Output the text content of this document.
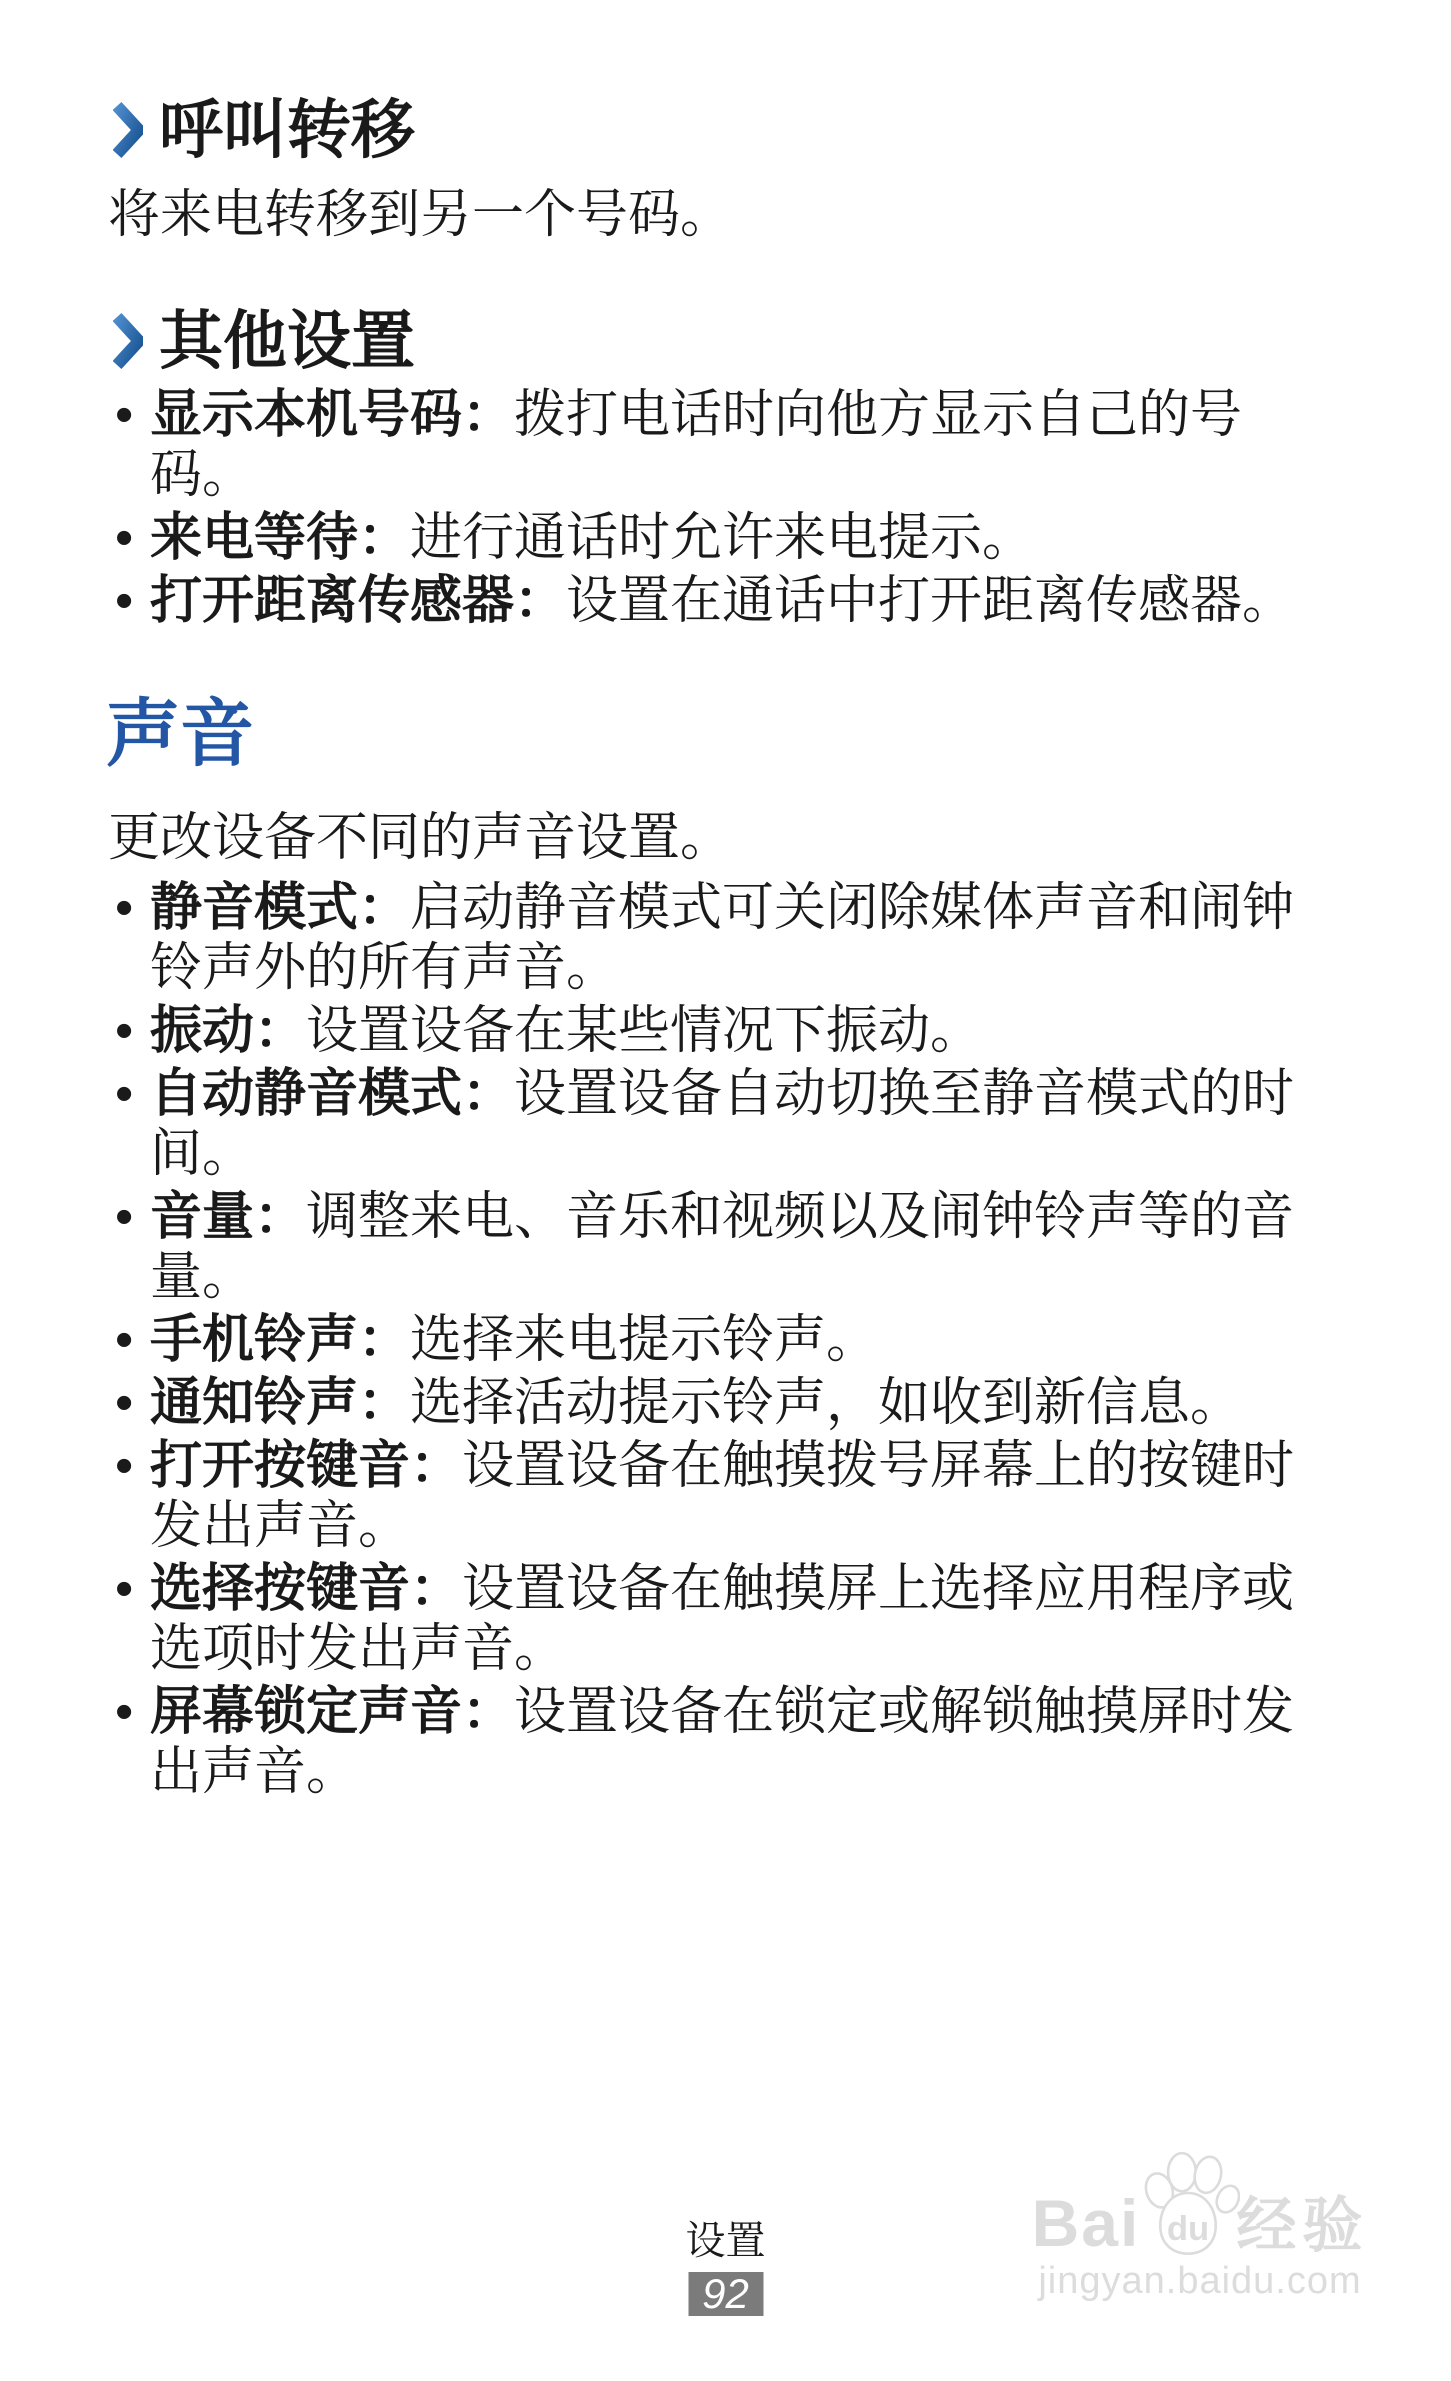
呼叫转移
将来电转移到另一个号码。
其他设置
• 显示本机号码：拨打电话时向他方显示自己的号
码。
• 来电等待：进行通话时允许来电提示。
• 打开距离传感器：设置在通话中打开距离传感器。
声音
更改设备不同的声音设置。
• 静音模式：启动静音模式可关闭除媒体声音和闹钟
铃声外的所有声音。
• 振动：设置设备在某些情况下振动。
• 自动静音模式：设置设备自动切换至静音模式的时
间。
• 音量：调整来电、音乐和视频以及闹钟铃声等的音
量。
• 手机铃声：选择来电提示铃声。
• 通知铃声：选择活动提示铃声，如收到新信息。
• 打开按键音：设置设备在触摸拨号屏幕上的按键时
发出声音。
• 选择按键音：设置设备在触摸屏上选择应用程序或
选项时发出声音。
• 屏幕锁定声音：设置设备在锁定或解锁触摸屏时发
出声音。
设置
92
Bai du 经验
jingyan.baidu.com
